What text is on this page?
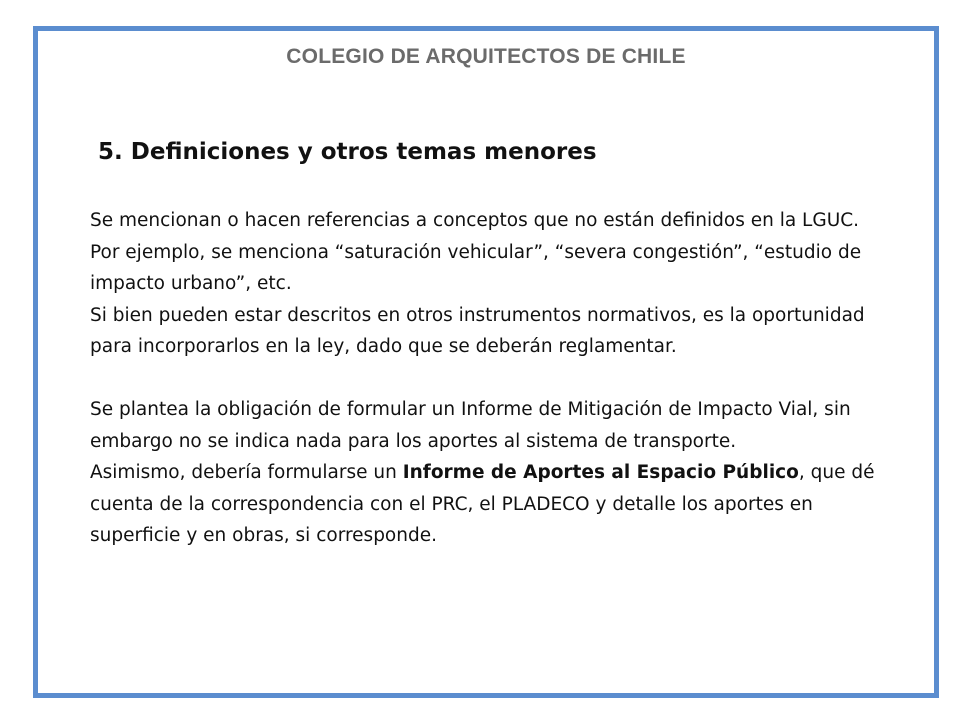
COLEGIO DE ARQUITECTOS DE CHILE
5. Definiciones y otros temas menores

Se mencionan o hacen referencias a conceptos que no están definidos en la LGUC.

Por ejemplo, se menciona “saturación vehicular”, “severa congestión”, “estudio de impacto urbano”, etc.

Si bien pueden estar descritos en otros instrumentos normativos, es la oportunidad para incorporarlos en la ley, dado que se deberán reglamentar.

Se plantea la obligación de formular un Informe de Mitigación de Impacto Vial, sin embargo no se indica nada para los aportes al sistema de transporte.

Asimismo, debería formularse un Informe de Aportes al Espacio Público, que dé cuenta de la correspondencia con el PRC, el PLADECO y detalle los aportes en superficie y en obras, si corresponde.
